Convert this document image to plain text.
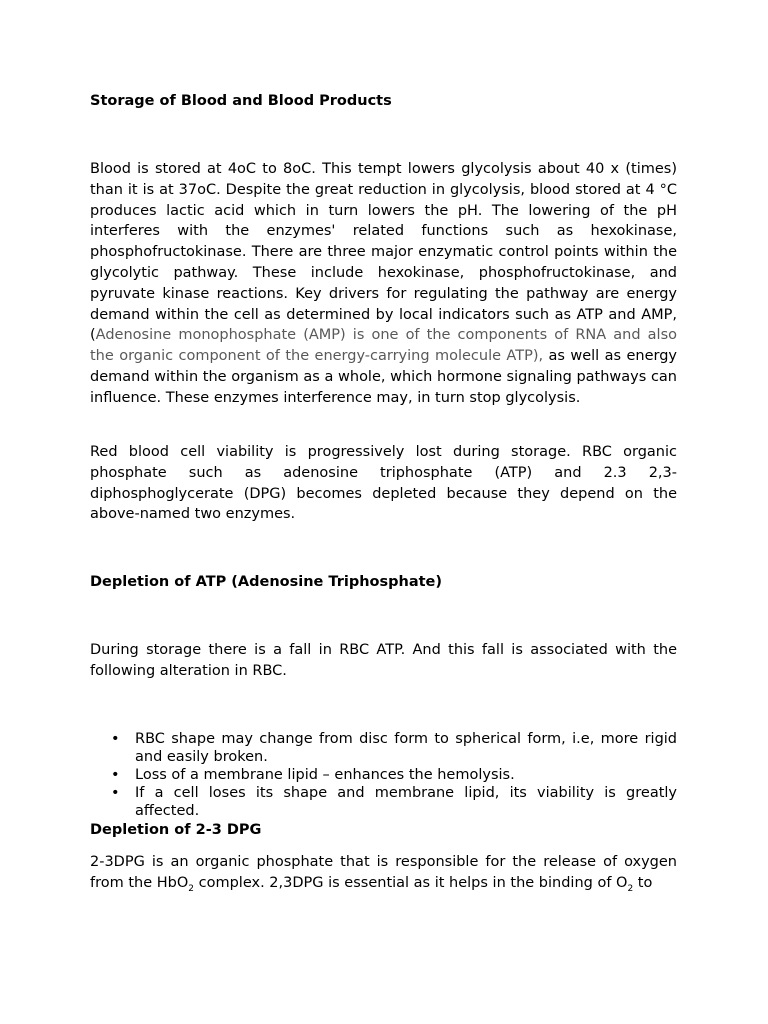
Storage of Blood and Blood Products

Blood is stored at 4oC to 8oC. This tempt lowers glycolysis about 40 x (times) than it is at 37oC. Despite the great reduction in glycolysis, blood stored at 4 °C produces lactic acid which in turn lowers the pH. The lowering of the pH interferes with the enzymes' related functions such as hexokinase, phosphofructokinase. There are three major enzymatic control points within the glycolytic pathway. These include hexokinase, phosphofructokinase, and pyruvate kinase reactions. Key drivers for regulating the pathway are energy demand within the cell as determined by local indicators such as ATP and AMP, (Adenosine monophosphate (AMP) is one of the components of RNA and also the organic component of the energy-carrying molecule ATP), as well as energy demand within the organism as a whole, which hormone signaling pathways can influence. These enzymes interference may, in turn stop glycolysis.

Red blood cell viability is progressively lost during storage. RBC organic phosphate such as adenosine triphosphate (ATP) and 2.3 2,3-diphosphoglycerate (DPG) becomes depleted because they depend on the above-named two enzymes.

Depletion of ATP (Adenosine Triphosphate)

During storage there is a fall in RBC ATP. And this fall is associated with the following alteration in RBC.

• RBC shape may change from disc form to spherical form, i.e, more rigid and easily broken.
• Loss of a membrane lipid – enhances the hemolysis.
• If a cell loses its shape and membrane lipid, its viability is greatly affected.
Depletion of 2-3 DPG

2-3DPG is an organic phosphate that is responsible for the release of oxygen from the HbO$_2$ complex. 2,3DPG is essential as it helps in the binding of $O_2$ to
